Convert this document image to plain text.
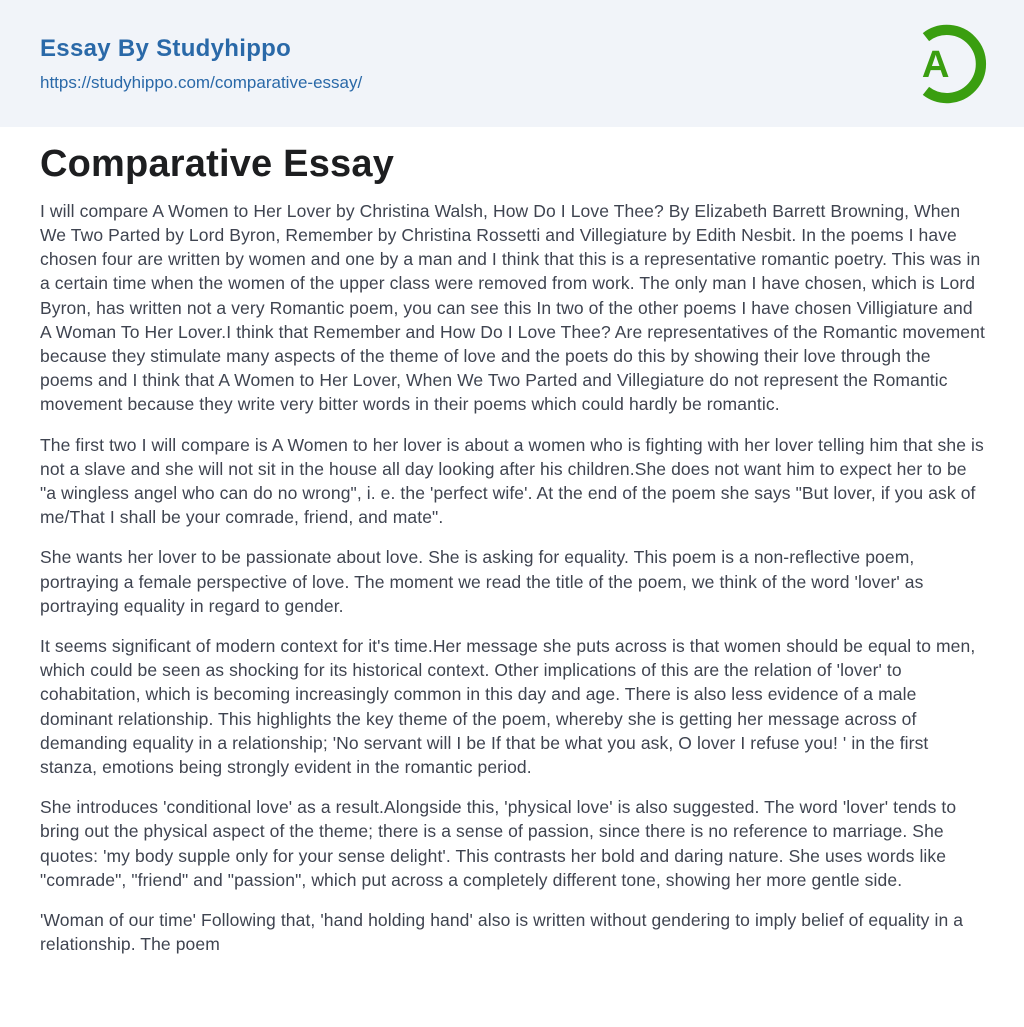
Essay By Studyhippo
https://studyhippo.com/comparative-essay/	A
Comparative Essay

I will compare A Women to Her Lover by Christina Walsh, How Do I Love Thee? By Elizabeth Barrett Browning, When We Two Parted by Lord Byron, Remember by Christina Rossetti and Villegiature by Edith Nesbit. In the poems I have chosen four are written by women and one by a man and I think that this is a representative romantic poetry. This was in a certain time when the women of the upper class were removed from work. The only man I have chosen, which is Lord Byron, has written not a very Romantic poem, you can see this In two of the other poems I have chosen Villigiature and A Woman To Her Lover.I think that Remember and How Do I Love Thee? Are representatives of the Romantic movement because they stimulate many aspects of the theme of love and the poets do this by showing their love through the poems and I think that A Women to Her Lover, When We Two Parted and Villegiature do not represent the Romantic movement because they write very bitter words in their poems which could hardly be romantic.

The first two I will compare is A Women to her lover is about a women who is fighting with her lover telling him that she is not a slave and she will not sit in the house all day looking after his children.She does not want him to expect her to be "a wingless angel who can do no wrong", i. e. the 'perfect wife'. At the end of the poem she says "But lover, if you ask of me/That I shall be your comrade, friend, and mate".

She wants her lover to be passionate about love. She is asking for equality. This poem is a non-reflective poem, portraying a female perspective of love. The moment we read the title of the poem, we think of the word 'lover' as portraying equality in regard to gender.

It seems significant of modern context for it's time.Her message she puts across is that women should be equal to men, which could be seen as shocking for its historical context. Other implications of this are the relation of 'lover' to cohabitation, which is becoming increasingly common in this day and age. There is also less evidence of a male dominant relationship. This highlights the key theme of the poem, whereby she is getting her message across of demanding equality in a relationship; 'No servant will I be If that be what you ask, O lover I refuse you! ' in the first stanza, emotions being strongly evident in the romantic period.

She introduces 'conditional love' as a result.Alongside this, 'physical love' is also suggested. The word 'lover' tends to bring out the physical aspect of the theme; there is a sense of passion, since there is no reference to marriage. She quotes: 'my body supple only for your sense delight'. This contrasts her bold and daring nature. She uses words like "comrade", "friend" and "passion", which put across a completely different tone, showing her more gentle side.

'Woman of our time' Following that, 'hand holding hand' also is written without gendering to imply belief of equality in a relationship. The poem
